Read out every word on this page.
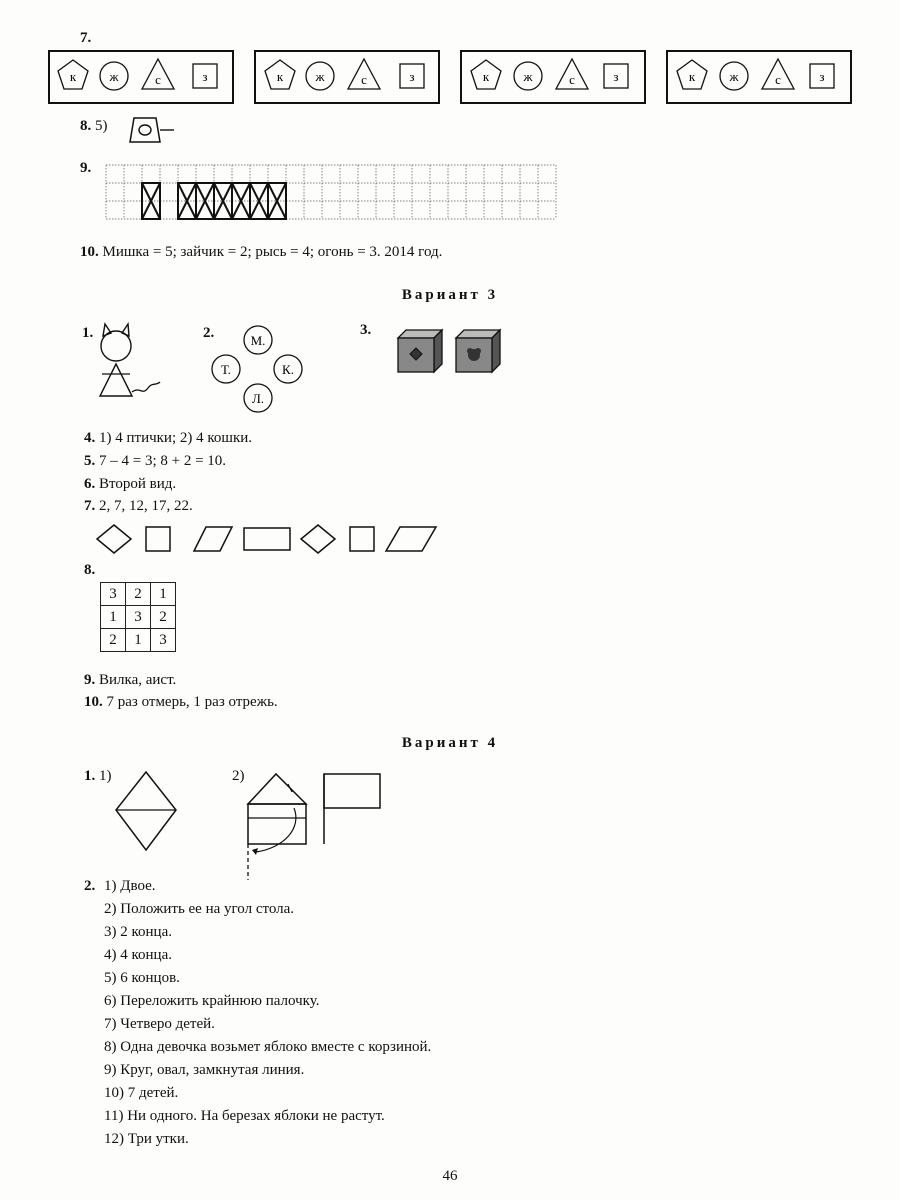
7.
к	ж	с	з	к ж	с	з	к	ж	с	з	к	ж	с	з
8. 5)
9.
10. Мишка = 5; зайчик = 2; рысь = 4; огонь = 3. 2014 год.
Вариант 3
1.	2.	М.
Т.	К.
Л.
3.
4. 1) 4 птички; 2) 4 кошки.
5. 7 – 4 = 3; 8 + 2 = 10.
6. Второй вид.
7. 2, 7, 12, 17, 22.
8.
3	2	1
1	3	2
2	1	3
9. Вилка, аист.
10. 7 раз отмерь, 1 раз отрежь.
Вариант 4
1. 1)	2)
2. 1) Двое.
2) Положить ее на угол стола.
3) 2 конца.
4) 4 конца.
5) 6 концов.
6) Переложить крайнюю палочку.
7) Четверо детей.
8) Одна девочка возьмет яблоко вместе с корзиной.
9) Круг, овал, замкнутая линия.
10) 7 детей.
11) Ни одного. На березах яблоки не растут.
12) Три утки.
46
